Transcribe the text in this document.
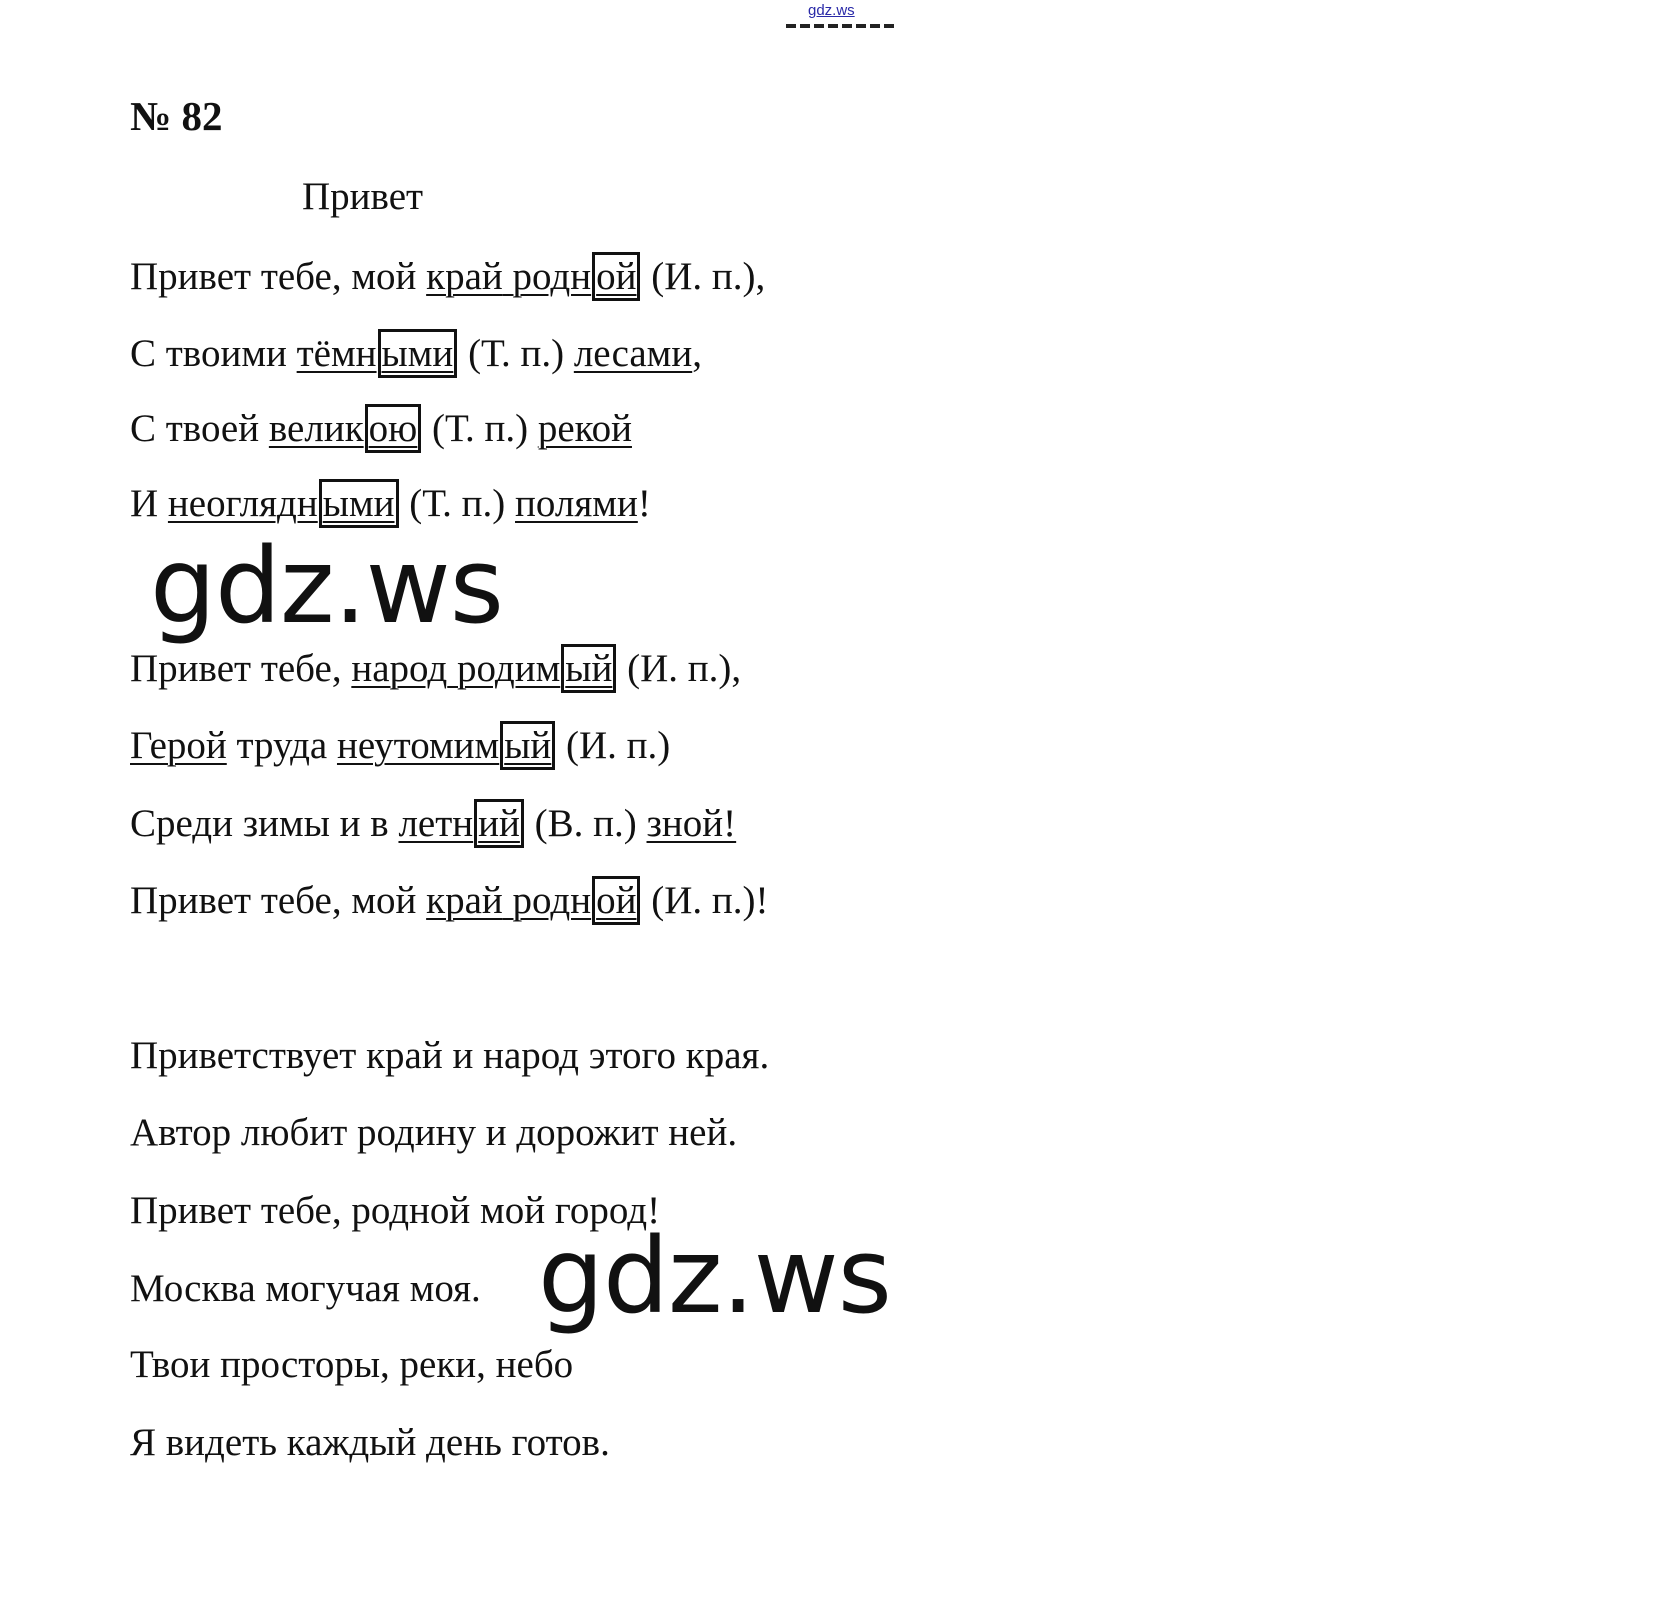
gdz.ws
№ 82
Привет
Привет тебе, мой край родн ой (И. п.),
С твоими тёмн ыми (Т. п.) лесами,
С твоей велик ою (Т. п.) рекой
И неоглядн ыми (Т. п.) полями!
gdz.ws
Привет тебе, народ родим ый (И. п.),
Герой труда неутомим ый (И. п.)
Среди зимы и в летн ий (В. п.) зной!
Привет тебе, мой край родн ой (И. п.)!
Приветствует край и народ этого края.
Автор любит родину и дорожит ней.
Привет тебе, родной мой город!
Москва могучая моя.
Твои просторы, реки, небо
Я видеть каждый день готов.
gdz.ws
